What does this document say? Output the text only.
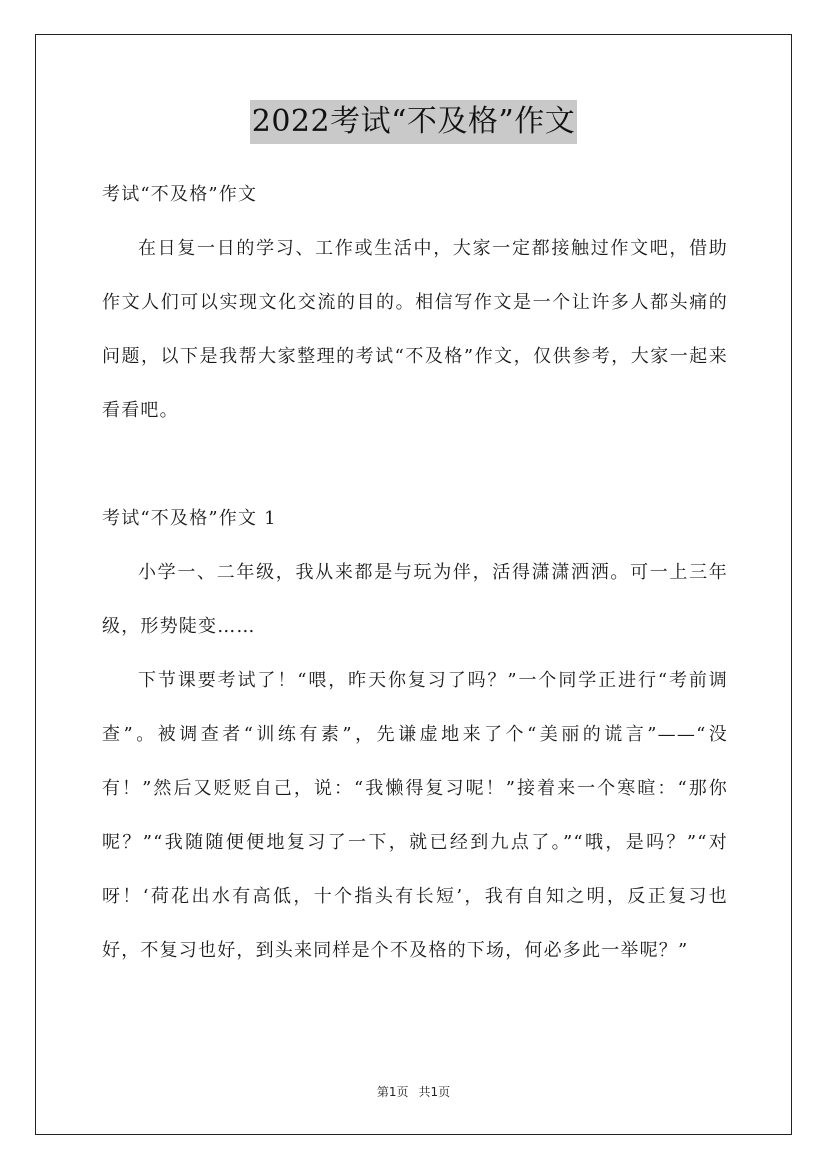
2022考试“不及格”作文

考试“不及格”作文

在日复一日的学习、工作或生活中，大家一定都接触过作文吧，借助作文人们可以实现文化交流的目的。相信写作文是一个让许多人都头痛的问题，以下是我帮大家整理的考试“不及格”作文，仅供参考，大家一起来看看吧。

考试“不及格”作文 1

小学一、二年级，我从来都是与玩为伴，活得潇潇洒洒。可一上三年级，形势陡变……

下节课要考试了！“喂，昨天你复习了吗？”一个同学正进行“考前调查”。被调查者“训练有素”，先谦虚地来了个“美丽的谎言”——“没有！”然后又贬贬自己，说：“我懒得复习呢！”接着来一个寒暄：“那你呢？”“我随随便便地复习了一下，就已经到九点了。”“哦，是吗？”“对呀！‘荷花出水有高低，十个指头有长短’，我有自知之明，反正复习也好，不复习也好，到头来同样是个不及格的下场，何必多此一举呢？”

第1页 共1页
